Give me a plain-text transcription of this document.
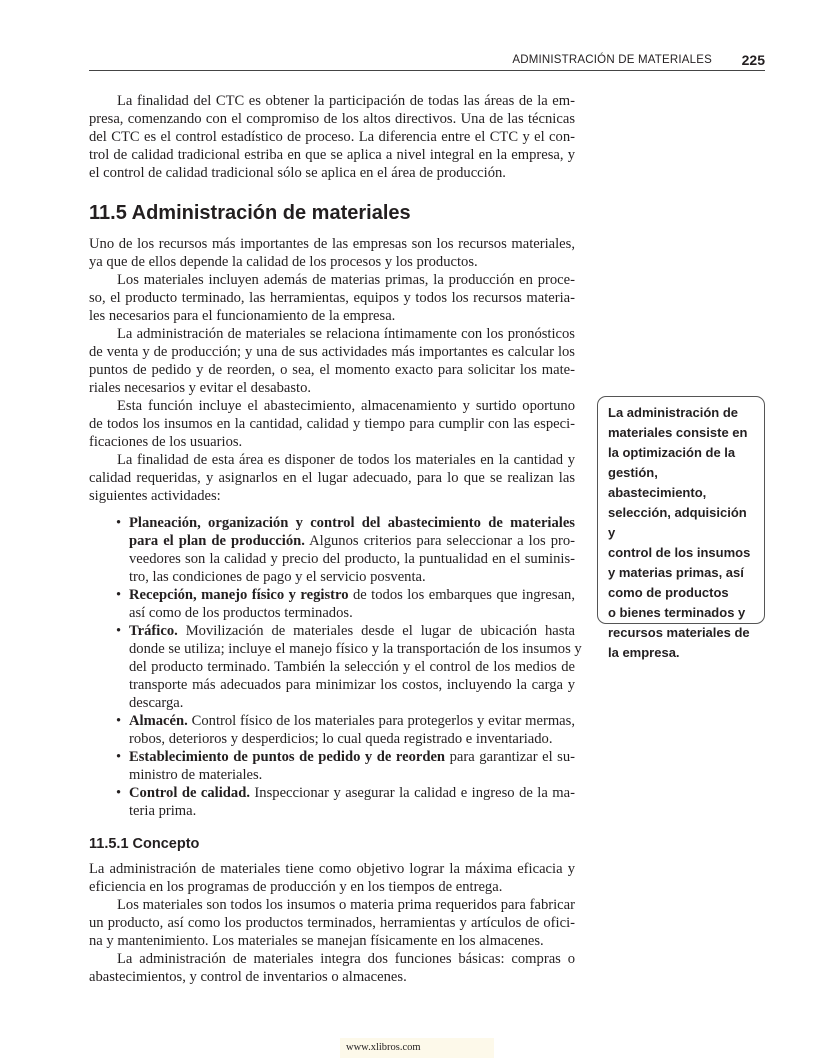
ADMINISTRACIÓN DE MATERIALES 225
La finalidad del CTC es obtener la participación de todas las áreas de la em-
presa, comenzando con el compromiso de los altos directivos. Una de las técnicas
del CTC es el control estadístico de proceso. La diferencia entre el CTC y el con-
trol de calidad tradicional estriba en que se aplica a nivel integral en la empresa, y
el control de calidad tradicional sólo se aplica en el área de producción.
11.5 Administración de materiales
Uno de los recursos más importantes de las empresas son los recursos materiales,
ya que de ellos depende la calidad de los procesos y los productos.
Los materiales incluyen además de materias primas, la producción en proce-
so, el producto terminado, las herramientas, equipos y todos los recursos materia-
les necesarios para el funcionamiento de la empresa.
La administración de materiales se relaciona íntimamente con los pronósticos
de venta y de producción; y una de sus actividades más importantes es calcular los
puntos de pedido y de reorden, o sea, el momento exacto para solicitar los mate-
riales necesarios y evitar el desabasto.
Esta función incluye el abastecimiento, almacenamiento y surtido oportuno
de todos los insumos en la cantidad, calidad y tiempo para cumplir con las especi-
ficaciones de los usuarios.
La finalidad de esta área es disponer de todos los materiales en la cantidad y
calidad requeridas, y asignarlos en el lugar adecuado, para lo que se realizan las
siguientes actividades:
• Planeación, organización y control del abastecimiento de materiales
para el plan de producción. Algunos criterios para seleccionar a los pro-
veedores son la calidad y precio del producto, la puntualidad en el suminis-
tro, las condiciones de pago y el servicio posventa.
• Recepción, manejo físico y registro de todos los embarques que ingresan,
así como de los productos terminados.
• Tráfico. Movilización de materiales desde el lugar de ubicación hasta
donde se utiliza; incluye el manejo físico y la transportación de los insumos y
del producto terminado. También la selección y el control de los medios de
transporte más adecuados para minimizar los costos, incluyendo la carga y
descarga.
• Almacén. Control físico de los materiales para protegerlos y evitar mermas,
robos, deterioros y desperdicios; lo cual queda registrado e inventariado.
• Establecimiento de puntos de pedido y de reorden para garantizar el su-
ministro de materiales.
• Control de calidad. Inspeccionar y asegurar la calidad e ingreso de la ma-
teria prima.
11.5.1 Concepto
La administración de materiales tiene como objetivo lograr la máxima eficacia y
eficiencia en los programas de producción y en los tiempos de entrega.
Los materiales son todos los insumos o materia prima requeridos para fabricar
un producto, así como los productos terminados, herramientas y artículos de ofici-
na y mantenimiento. Los materiales se manejan físicamente en los almacenes.
La administración de materiales integra dos funciones básicas: compras o
abastecimientos, y control de inventarios o almacenes.
La administración de
materiales consiste en
la optimización de la
gestión, abastecimiento,
selección, adquisición y
control de los insumos
y materias primas, así
como de productos
o bienes terminados y
recursos materiales de
la empresa.
www.xlibros.com
